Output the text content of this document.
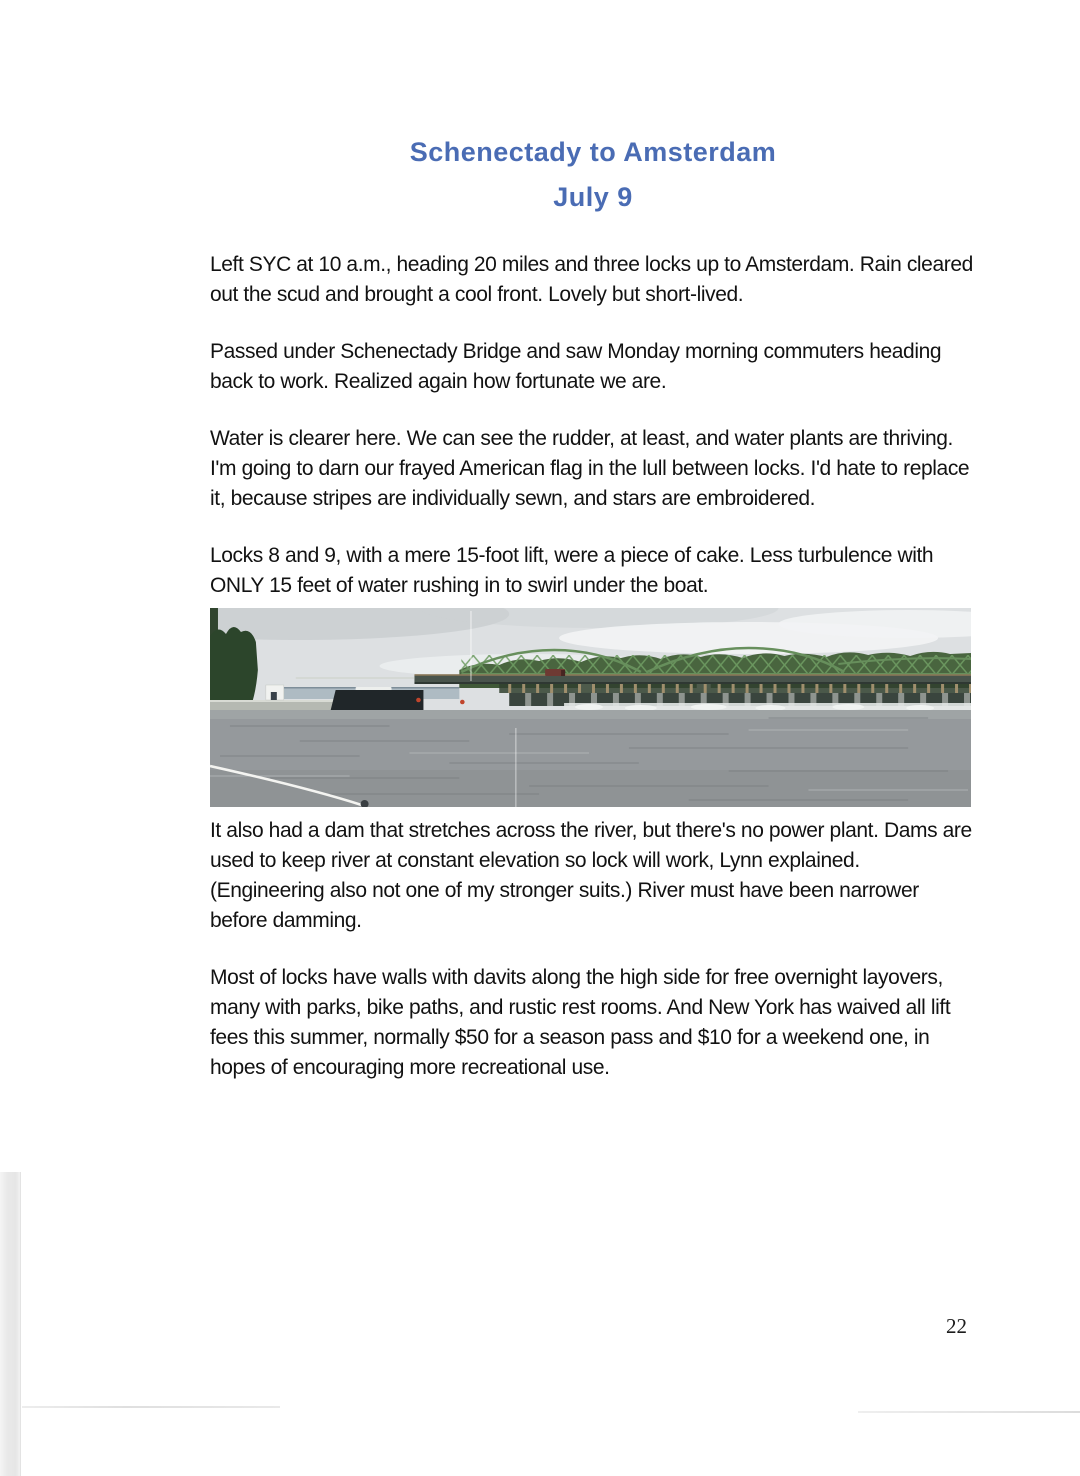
Schenectady to Amsterdam
July 9

Left SYC at 10 a.m., heading 20 miles and three locks up to Amsterdam. Rain cleared out the scud and brought a cool front. Lovely but short-lived.

Passed under Schenectady Bridge and saw Monday morning commuters heading back to work. Realized again how fortunate we are.

Water is clearer here. We can see the rudder, at least, and water plants are thriving. I'm going to darn our frayed American flag in the lull between locks. I'd hate to replace it, because stripes are individually sewn, and stars are embroidered.

Locks 8 and 9, with a mere 15-foot lift, were a piece of cake. Less turbulence with ONLY 15 feet of water rushing in to swirl under the boat.

It also had a dam that stretches across the river, but there's no power plant. Dams are used to keep river at constant elevation so lock will work, Lynn explained. (Engineering also not one of my stronger suits.) River must have been narrower before damming.

Most of locks have walls with davits along the high side for free overnight layovers, many with parks, bike paths, and rustic rest rooms. And New York has waived all lift fees this summer, normally $50 for a season pass and $10 for a weekend one, in hopes of encouraging more recreational use.

22
